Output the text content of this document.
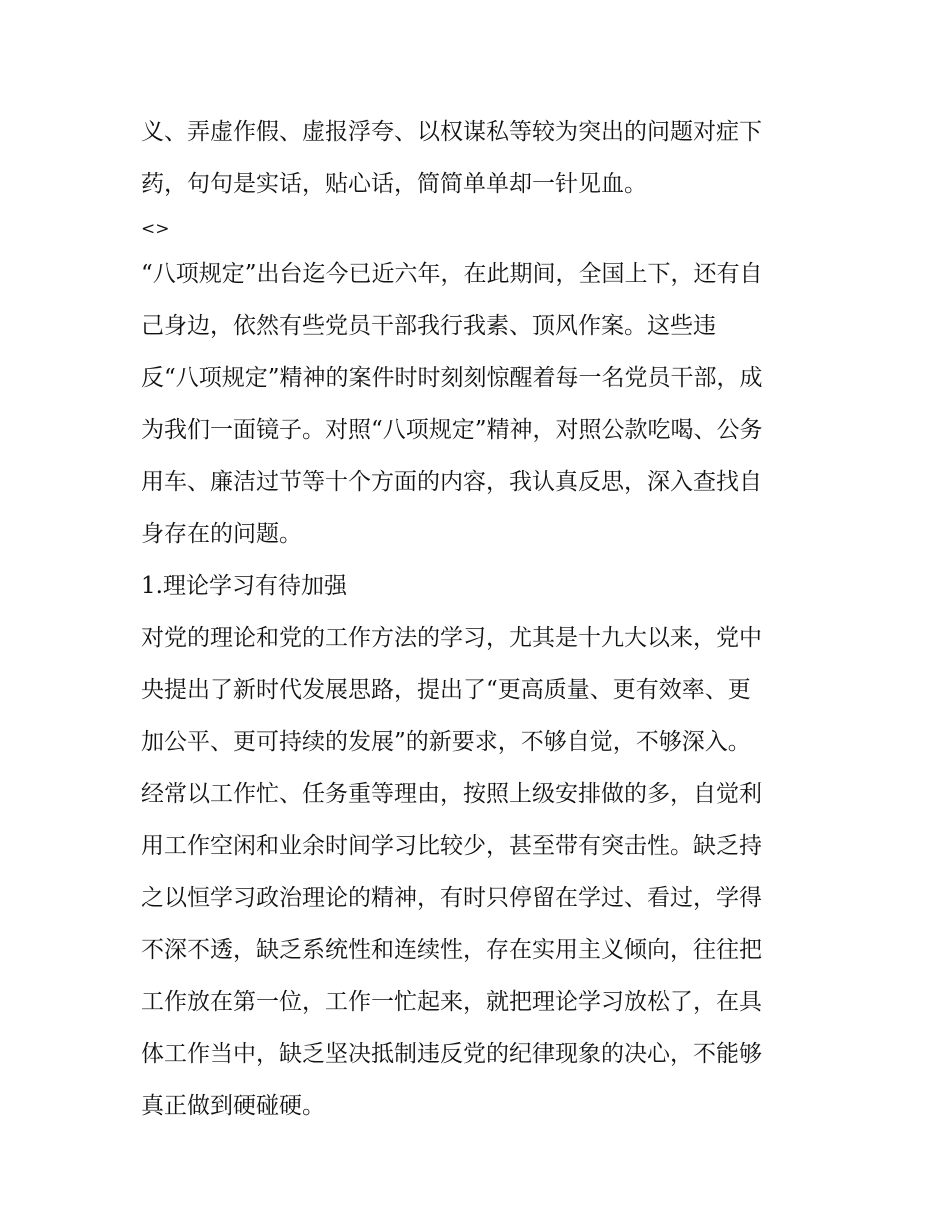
义、弄虚作假、虚报浮夸、以权谋私等较为突出的问题对症下
药，句句是实话，贴心话，简简单单却一针见血。
<>
“八项规定”出台迄今已近六年，在此期间，全国上下，还有自
己身边，依然有些党员干部我行我素、顶风作案。这些违
反“八项规定”精神的案件时时刻刻惊醒着每一名党员干部，成
为我们一面镜子。对照“八项规定”精神，对照公款吃喝、公务
用车、廉洁过节等十个方面的内容，我认真反思，深入查找自
身存在的问题。
1.理论学习有待加强
对党的理论和党的工作方法的学习，尤其是十九大以来，党中
央提出了新时代发展思路，提出了“更高质量、更有效率、更
加公平、更可持续的发展”的新要求，不够自觉，不够深入。
经常以工作忙、任务重等理由，按照上级安排做的多，自觉利
用工作空闲和业余时间学习比较少，甚至带有突击性。缺乏持
之以恒学习政治理论的精神，有时只停留在学过、看过，学得
不深不透，缺乏系统性和连续性，存在实用主义倾向，往往把
工作放在第一位，工作一忙起来，就把理论学习放松了，在具
体工作当中，缺乏坚决抵制违反党的纪律现象的决心，不能够
真正做到硬碰硬。
